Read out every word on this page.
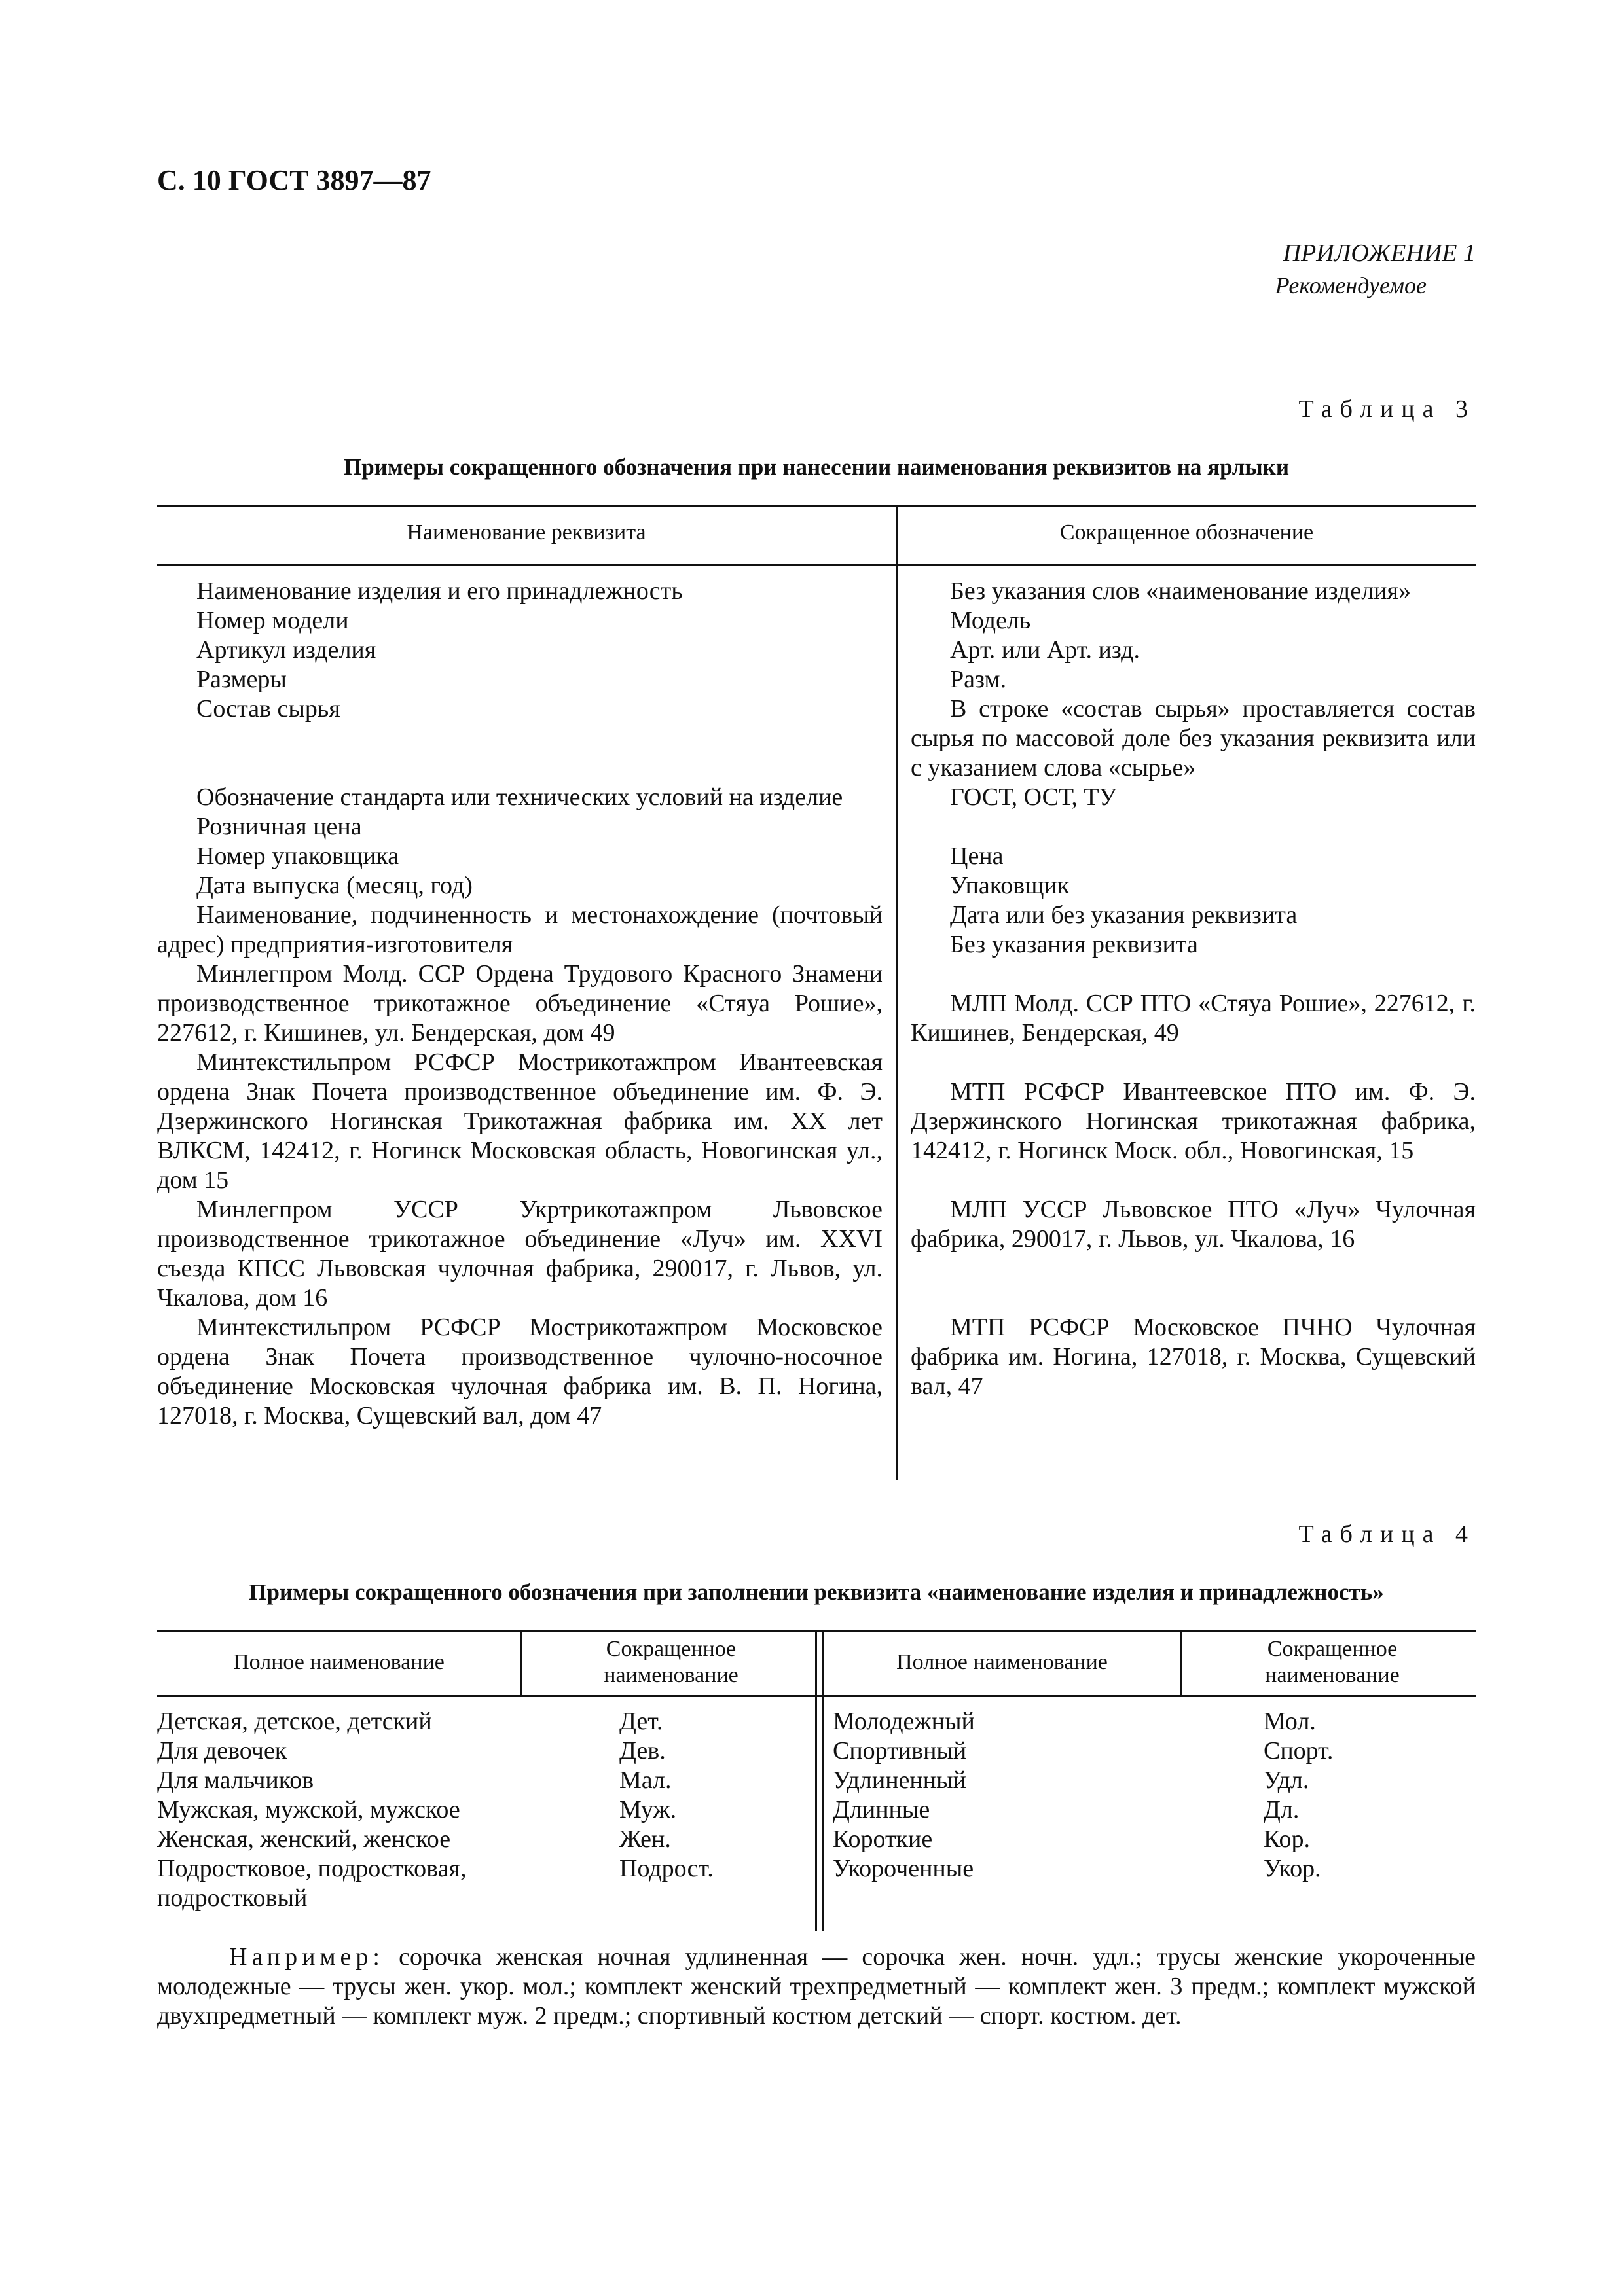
С. 10 ГОСТ 3897—87
ПРИЛОЖЕНИЕ 1
Рекомендуемое
Таблица 3
Примеры сокращенного обозначения при нанесении наименования реквизитов на ярлыки
Наименование реквизита	Сокращенное обозначение

Наименование изделия и его принадлежность

Номер модели

Артикул изделия

Размеры

Состав сырья

Обозначение стандарта или технических условий на изделие

Розничная цена

Номер упаковщика

Дата выпуска (месяц, год)

Наименование, подчиненность и местонахождение (почтовый адрес) предприятия-изготовителя

Минлегпром Молд. ССР Ордена Трудового Красного Знамени производственное трикотажное объединение «Стяуа Рошие», 227612, г. Кишинев, ул. Бендерская, дом 49

Минтекстильпром РСФСР Мострикотажпром Ивантеевская ордена Знак Почета производственное объединение им. Ф. Э. Дзержинского Ногинская Трикотажная фабрика им. XX лет ВЛКСМ, 142412, г. Ногинск Московская область, Новогинская ул., дом 15

Минлегпром УССР Укртрикотажпром Львовское производственное трикотажное объединение «Луч» им. XXVI съезда КПСС Львовская чулочная фабрика, 290017, г. Львов, ул. Чкалова, дом 16

Минтекстильпром РСФСР Мострикотажпром Московское ордена Знак Почета производственное чулочно-носочное объединение Московская чулочная фабрика им. В. П. Ногина, 127018, г. Москва, Сущевский вал, дом 47

Без указания слов «наименование изделия»

Модель

Арт. или Арт. изд.

Разм.

В строке «состав сырья» проставляется состав сырья по массовой доле без указания реквизита или с указанием слова «сырье»

ГОСТ, ОСТ, ТУ

Цена

Упаковщик

Дата или без указания реквизита

Без указания реквизита

МЛП Молд. ССР ПТО «Стяуа Рошие», 227612, г. Кишинев, Бендерская, 49

МТП РСФСР Ивантеевское ПТО им. Ф. Э. Дзержинского Ногинская трикотажная фабрика, 142412, г. Ногинск Моск. обл., Новогинская, 15

МЛП УССР Львовское ПТО «Луч» Чулочная фабрика, 290017, г. Львов, ул. Чкалова, 16

МТП РСФСР Московское ПЧНО Чулочная фабрика им. Ногина, 127018, г. Москва, Сущевский вал, 47

Таблица 4
Примеры сокращенного обозначения при заполнении реквизита «наименование изделия и принадлежность»
Полное наименование
Сокращенное наименование
Полное наименование
Сокращенное наименование

Детская, детское, детский

Для девочек

Для мальчиков

Мужская, мужской, мужское

Женская, женский, женское

Подростковое, подростковая,

подростковый

Дет.

Дев.

Мал.

Муж.

Жен.

Подрост.

Молодежный

Спортивный

Удлиненный

Длинные

Короткие

Укороченные

Мол.

Спорт.

Удл.

Дл.

Кор.

Укор.

Например: сорочка женская ночная удлиненная — сорочка жен. ночн. удл.; трусы женские укороченные молодежные — трусы жен. укор. мол.; комплект женский трехпредметный — комплект жен. 3 предм.; комплект мужской двухпредметный — комплект муж. 2 предм.; спортивный костюм детский — спорт. костюм. дет.
